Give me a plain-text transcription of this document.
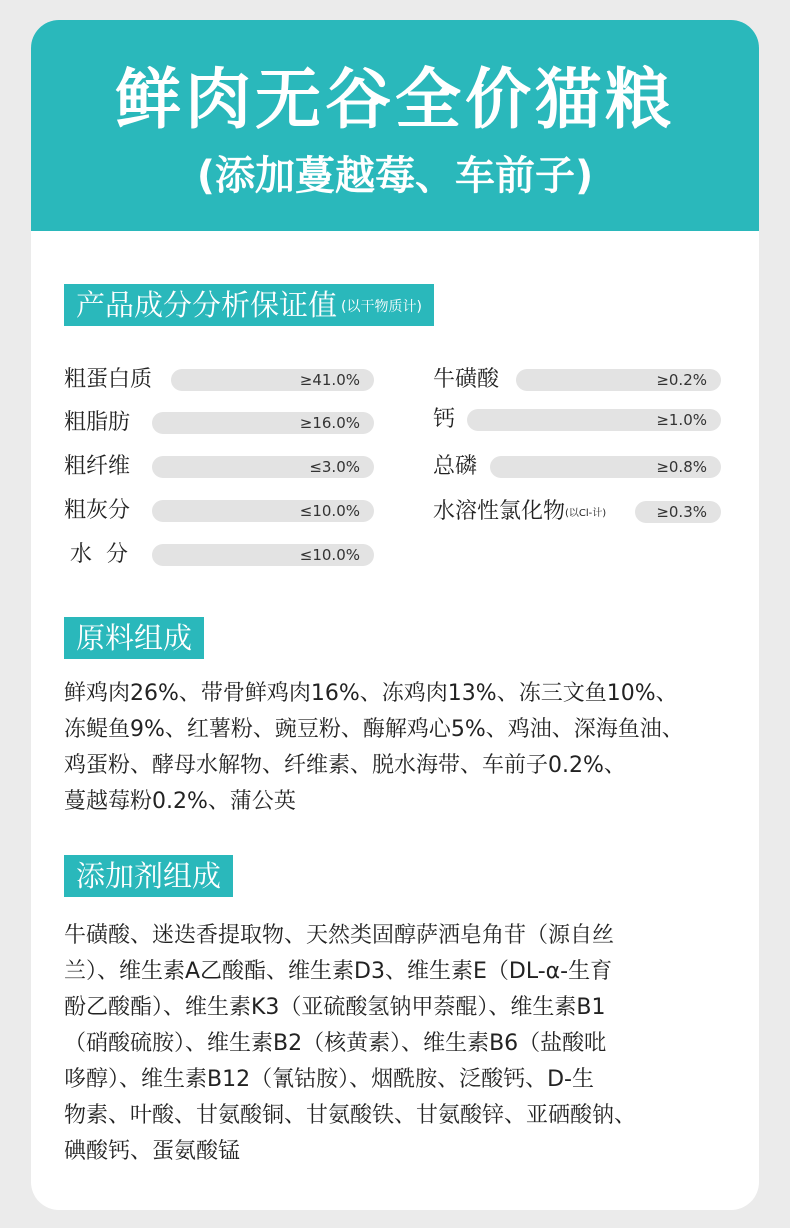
鲜肉无谷全价猫粮
(添加蔓越莓、车前子)
产品成分分析保证值 (以干物质计)
粗蛋白质	≥41.0%
粗脂肪	≥16.0%
粗纤维	≤3.0%
粗灰分	≤10.0%
水  分	≤10.0%
牛磺酸	≥0.2%
钙	≥1.0%
总磷	≥0.8%
水溶性氯化物(以Cl-计)	≥0.3%
原料组成
鲜鸡肉26%、带骨鲜鸡肉16%、冻鸡肉13%、冻三文鱼10%、
冻鳀鱼9%、红薯粉、豌豆粉、酶解鸡心5%、鸡油、深海鱼油、
鸡蛋粉、酵母水解物、纤维素、脱水海带、车前子0.2%、
蔓越莓粉0.2%、蒲公英
添加剂组成
牛磺酸、迷迭香提取物、天然类固醇萨洒皂角苷（源自丝
兰）、维生素A乙酸酯、维生素D3、维生素E（DL-α-生育
酚乙酸酯）、维生素K3（亚硫酸氢钠甲萘醌）、维生素B1
（硝酸硫胺）、维生素B2（核黄素）、维生素B6（盐酸吡
哆醇）、维生素B12（氰钴胺）、烟酰胺、泛酸钙、D-生
物素、叶酸、甘氨酸铜、甘氨酸铁、甘氨酸锌、亚硒酸钠、
碘酸钙、蛋氨酸锰
